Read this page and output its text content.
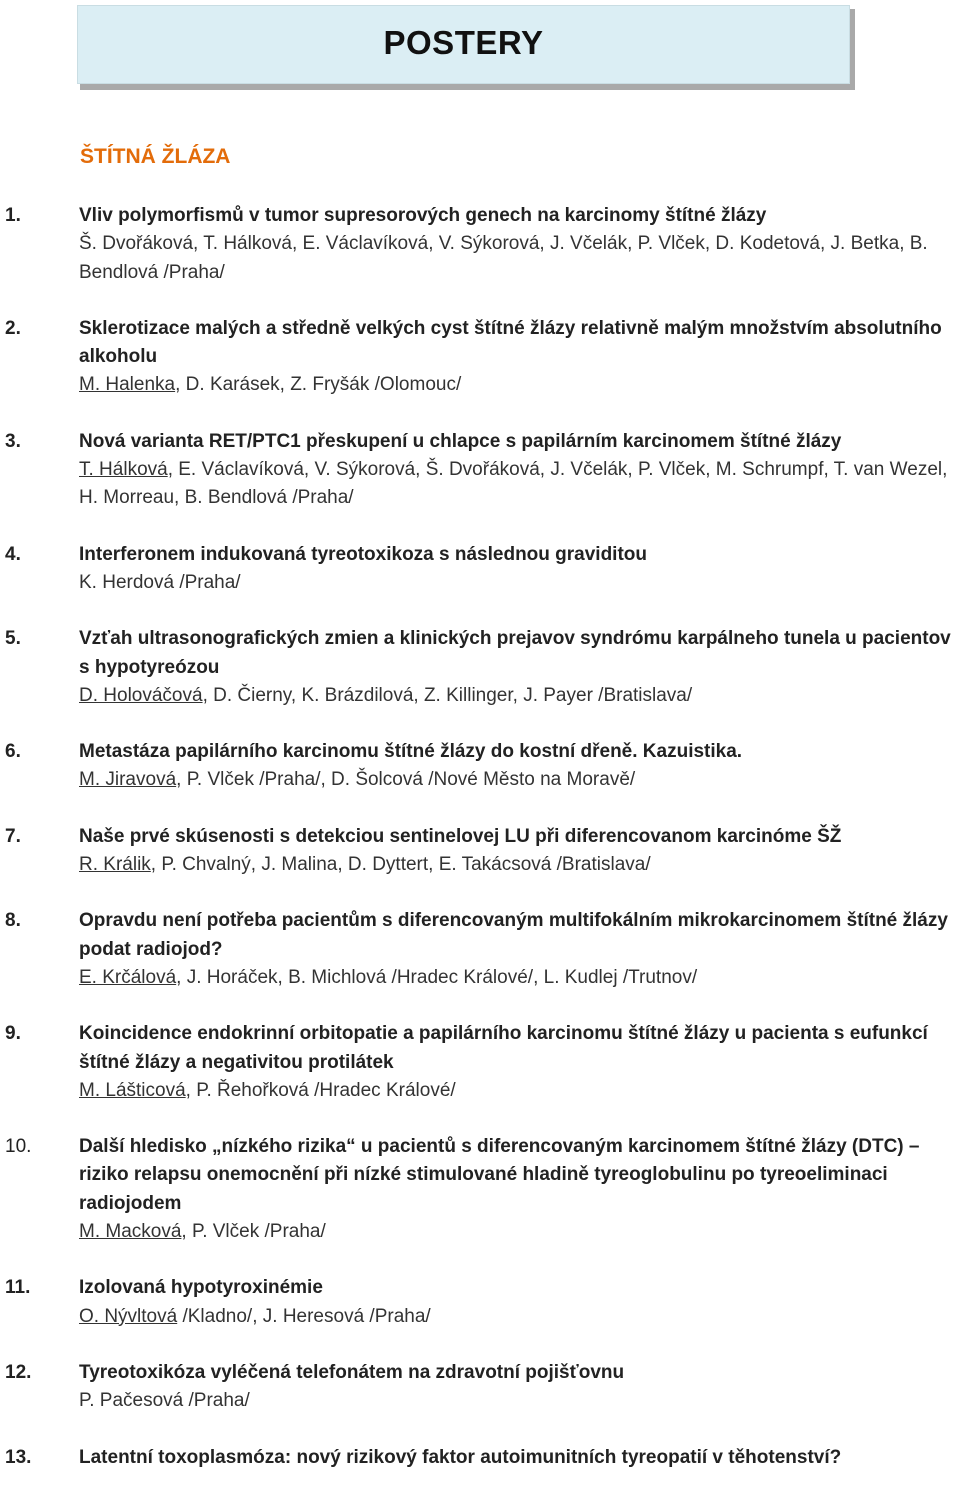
POSTERY
ŠTÍTNÁ ŽLÁZA
1.	Vliv polymorfismů v tumor supresorových genech na karcinomy štítné žlázy
Š. Dvořáková, T. Hálková, E. Václavíková, V. Sýkorová, J. Včelák, P. Vlček, D. Kodetová, J. Betka, B. Bendlová /Praha/
2.	Sklerotizace malých a středně velkých cyst štítné žlázy relativně malým množstvím absolutního alkoholu
M. Halenka, D. Karásek, Z. Fryšák /Olomouc/
3.	Nová varianta RET/PTC1 přeskupení u chlapce s papilárním karcinomem štítné žlázy
T. Hálková, E. Václavíková, V. Sýkorová, Š. Dvořáková, J. Včelák, P. Vlček, M. Schrumpf, T. van Wezel, H. Morreau, B. Bendlová /Praha/
4.	Interferonem indukovaná tyreotoxikoza s následnou graviditou
K. Herdová /Praha/
5.	Vzťah ultrasonografických zmien a klinických prejavov syndrómu karpálneho tunela u pacientov s hypotyreózou
D. Holováčová, D. Čierny, K. Brázdilová, Z. Killinger, J. Payer /Bratislava/
6.	Metastáza papilárního karcinomu štítné žlázy do kostní dřeně. Kazuistika.
M. Jiravová, P. Vlček /Praha/, D. Šolcová /Nové Město na Moravě/
7.	Naše prvé skúsenosti s detekciou sentinelovej LU při diferencovanom karcinóme ŠŽ
R. Králik, P. Chvalný, J. Malina, D. Dyttert, E. Takácsová /Bratislava/
8.	Opravdu není potřeba pacientům s diferencovaným multifokálním mikrokarcinomem štítné žlázy podat radiojod?
E. Krčálová, J. Horáček, B. Michlová /Hradec Králové/, L. Kudlej /Trutnov/
9.	Koincidence endokrinní orbitopatie a papilárního karcinomu štítné žlázy u pacienta s eufunkcí štítné žlázy a negativitou protilátek
M. Lášticová, P. Řehořková /Hradec Králové/
10.	Další hledisko „nízkého rizika“ u pacientů s diferencovaným karcinomem štítné žlázy (DTC) – riziko relapsu onemocnění při nízké stimulované hladině tyreoglobulinu po tyreoeliminaci radiojodem
M. Macková, P. Vlček /Praha/
11.	Izolovaná hypotyroxinémie
O. Nývltová /Kladno/, J. Heresová /Praha/
12.	Tyreotoxikóza vyléčená telefonátem na zdravotní pojišťovnu
P. Pačesová /Praha/
13.	Latentní toxoplasmóza: nový rizikový faktor autoimunitních tyreopatií v těhotenství?
